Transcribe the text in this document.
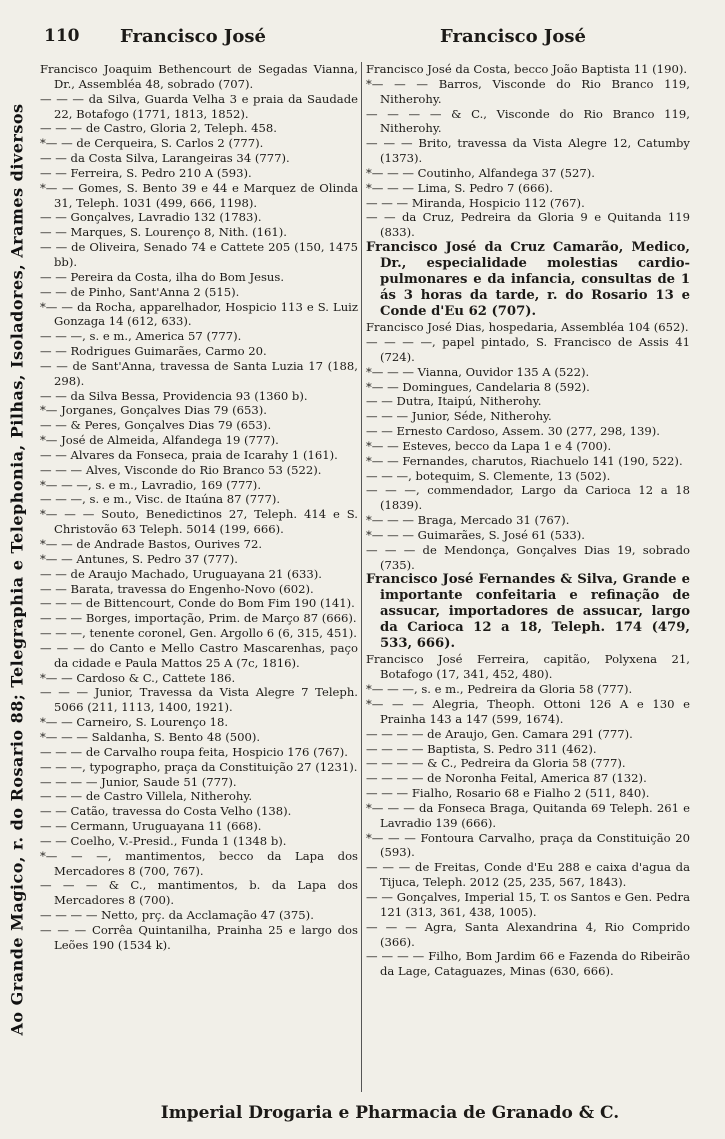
Ao Grande Magico, r. do Rosario 88; Telegraphia e Telephonia, Pilhas, Isoladores, Arames diversos
110 Francisco José	Francisco José
Francisco Joaquim Bethencourt de Segadas Vianna, Dr., Assembléa 48, sobrado (707).
— — — da Silva, Guarda Velha 3 e praia da Saudade 22, Botafogo (1771, 1813, 1852).
— — — de Castro, Gloria 2, Teleph. 458.
*— — de Cerqueira, S. Carlos 2 (777).
— — da Costa Silva, Larangeiras 34 (777).
— — Ferreira, S. Pedro 210 A (593).
*— — Gomes, S. Bento 39 e 44 e Marquez de Olinda 31, Teleph. 1031 (499, 666, 1198).
— — Gonçalves, Lavradio 132 (1783).
— — Marques, S. Lourenço 8, Nith. (161).
— — de Oliveira, Senado 74 e Cattete 205 (150, 1475 bb).
— — Pereira da Costa, ilha do Bom Jesus.
— — de Pinho, Sant'Anna 2 (515).
*— — da Rocha, apparelhador, Hospicio 113 e S. Luiz Gonzaga 14 (612, 633).
— — —, s. e m., America 57 (777).
— — Rodrigues Guimarães, Carmo 20.
— — de Sant'Anna, travessa de Santa Luzia 17 (188, 298).
— — da Silva Bessa, Providencia 93 (1360 b).
*— Jorganes, Gonçalves Dias 79 (653).
— — & Peres, Gonçalves Dias 79 (653).
*— José de Almeida, Alfandega 19 (777).
— — Alvares da Fonseca, praia de Icarahy 1 (161).
— — — Alves, Visconde do Rio Branco 53 (522).
*— — —, s. e m., Lavradio, 169 (777).
— — —, s. e m., Visc. de Itaúna 87 (777).
*— — — Souto, Benedictinos 27, Teleph. 414 e S. Christovão 63 Teleph. 5014 (199, 666).
*— — de Andrade Bastos, Ourives 72.
*— — Antunes, S. Pedro 37 (777).
— — de Araujo Machado, Uruguayana 21 (633).
— — Barata, travessa do Engenho-Novo (602).
— — — de Bittencourt, Conde do Bom Fim 190 (141).
— — — Borges, importação, Prim. de Março 87 (666).
— — —, tenente coronel, Gen. Argollo 6 (6, 315, 451).
— — — do Canto e Mello Castro Mascarenhas, paço da cidade e Paula Mattos 25 A (7c, 1816).
*— — Cardoso & C., Cattete 186.
— — — Junior, Travessa da Vista Alegre 7 Teleph. 5066 (211, 1113, 1400, 1921).
*— — Carneiro, S. Lourenço 18.
*— — — Saldanha, S. Bento 48 (500).
— — — de Carvalho roupa feita, Hospicio 176 (767).
— — —, typographo, praça da Constituição 27 (1231).
— — — — Junior, Saude 51 (777).
— — — de Castro Villela, Nitherohy.
— — Catão, travessa do Costa Velho (138).
— — Cermann, Uruguayana 11 (668).
— — Coelho, V.-Presid., Funda 1 (1348 b).
*— — —, mantimentos, becco da Lapa dos Mercadores 8 (700, 767).
— — — & C., mantimentos, b. da Lapa dos Mercadores 8 (700).
— — — — Netto, prç. da Acclamação 47 (375).
— — — Corrêa Quintanilha, Prainha 25 e largo dos Leões 190 (1534 k).
Francisco José da Costa, becco João Baptista 11 (190).
*— — — Barros, Visconde do Rio Branco 119, Nitherohy.
— — — — & C., Visconde do Rio Branco 119, Nitherohy.
— — — Brito, travessa da Vista Alegre 12, Catumby (1373).
*— — — Coutinho, Alfandega 37 (527).
*— — — Lima, S. Pedro 7 (666).
— — — Miranda, Hospicio 112 (767).
— — da Cruz, Pedreira da Gloria 9 e Quitanda 119 (833).
Francisco José da Cruz Camarão, Medico, Dr., especialidade molestias cardio-pulmonares e da infancia, consultas de 1 ás 3 horas da tarde, r. do Rosario 13 e Conde d'Eu 62 (707).
Francisco José Dias, hospedaria, Assembléa 104 (652).
— — — —, papel pintado, S. Francisco de Assis 41 (724).
*— — — Vianna, Ouvidor 135 A (522).
*— — Domingues, Candelaria 8 (592).
— — Dutra, Itaipú, Nitherohy.
— — — Junior, Séde, Nitherohy.
— — Ernesto Cardoso, Assem. 30 (277, 298, 139).
*— — Esteves, becco da Lapa 1 e 4 (700).
*— — Fernandes, charutos, Riachuelo 141 (190, 522).
— — —, botequim, S. Clemente, 13 (502).
— — —, commendador, Largo da Carioca 12 a 18 (1839).
*— — — Braga, Mercado 31 (767).
*— — — Guimarães, S. José 61 (533).
— — — de Mendonça, Gonçalves Dias 19, sobrado (735).
Francisco José Fernandes & Silva, Grande e importante confeitaria e refinação de assucar, importadores de assucar, largo da Carioca 12 a 18, Teleph. 174 (479, 533, 666).
Francisco José Ferreira, capitão, Polyxena 21, Botafogo (17, 341, 452, 480).
*— — —, s. e m., Pedreira da Gloria 58 (777).
*— — — Alegria, Theoph. Ottoni 126 A e 130 e Prainha 143 a 147 (599, 1674).
— — — — de Araujo, Gen. Camara 291 (777).
— — — — Baptista, S. Pedro 311 (462).
— — — — & C., Pedreira da Gloria 58 (777).
— — — — de Noronha Feital, America 87 (132).
— — — Fialho, Rosario 68 e Fialho 2 (511, 840).
*— — — da Fonseca Braga, Quitanda 69 Teleph. 261 e Lavradio 139 (666).
*— — — Fontoura Carvalho, praça da Constituição 20 (593).
— — — de Freitas, Conde d'Eu 288 e caixa d'agua da Tijuca, Teleph. 2012 (25, 235, 567, 1843).
— — Gonçalves, Imperial 15, T. os Santos e Gen. Pedra 121 (313, 361, 438, 1005).
— — — Agra, Santa Alexandrina 4, Rio Comprido (366).
— — — — Filho, Bom Jardim 66 e Fazenda do Ribeirão da Lage, Cataguazes, Minas (630, 666).
Imperial Drogaria e Pharmacia de Granado & C.
